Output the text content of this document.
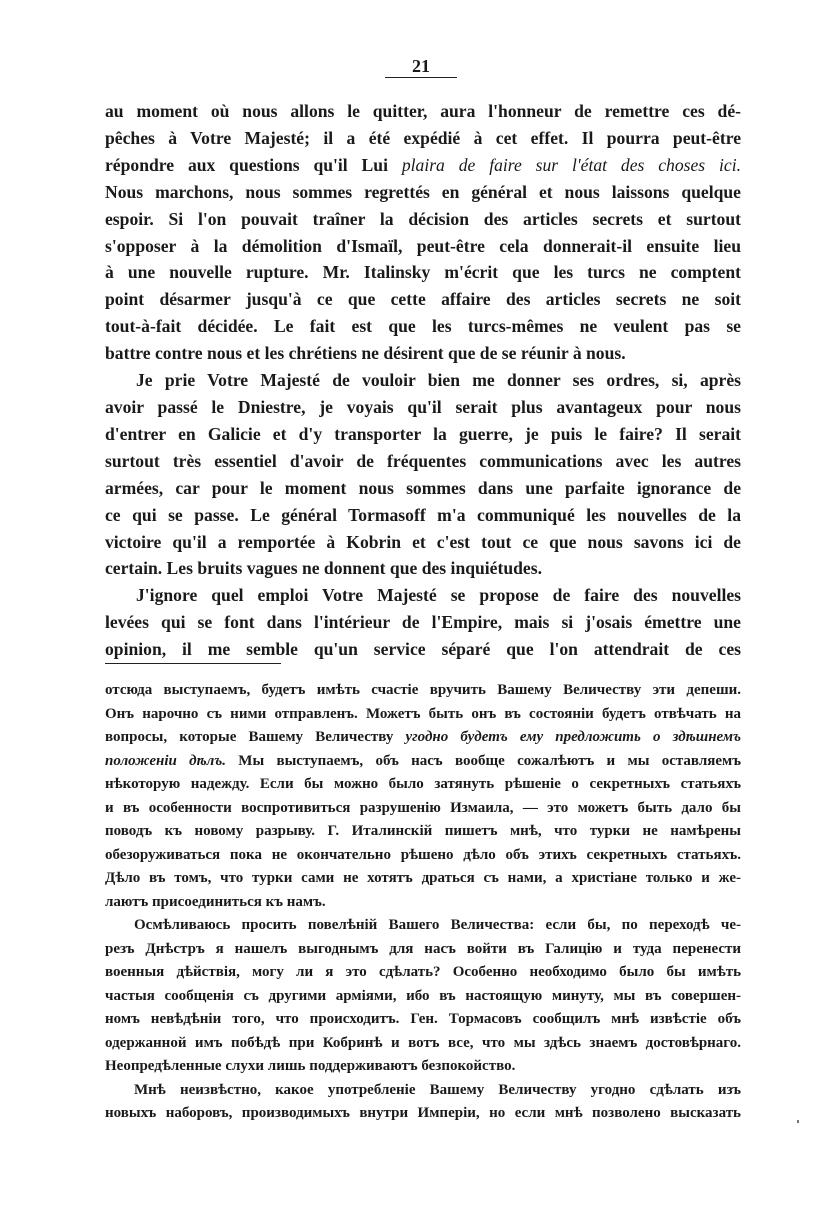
21
au moment où nous allons le quitter, aura l'honneur de remettre ces dé-
pêches à Votre Majesté; il a été expédié à cet effet. Il pourra peut-être
répondre aux questions qu'il Lui plaira de faire sur l'état des choses ici.
Nous marchons, nous sommes regrettés en général et nous laissons quelque
espoir. Si l'on pouvait traîner la décision des articles secrets et surtout
s'opposer à la démolition d'Ismaïl, peut-être cela donnerait-il ensuite lieu
à une nouvelle rupture. Mr. Italinsky m'écrit que les turcs ne comptent
point désarmer jusqu'à ce que cette affaire des articles secrets ne soit
tout-à-fait décidée. Le fait est que les turcs-mêmes ne veulent pas se
battre contre nous et les chrétiens ne désirent que de se réunir à nous.
Je prie Votre Majesté de vouloir bien me donner ses ordres, si, après
avoir passé le Dniestre, je voyais qu'il serait plus avantageux pour nous
d'entrer en Galicie et d'y transporter la guerre, je puis le faire? Il serait
surtout très essentiel d'avoir de fréquentes communications avec les autres
armées, car pour le moment nous sommes dans une parfaite ignorance de
ce qui se passe. Le général Tormasoff m'a communiqué les nouvelles de la
victoire qu'il a remportée à Kobrin et c'est tout ce que nous savons ici de
certain. Les bruits vagues ne donnent que des inquiétudes.
J'ignore quel emploi Votre Majesté se propose de faire des nouvelles
levées qui se font dans l'intérieur de l'Empire, mais si j'osais émettre une
opinion, il me semble qu'un service séparé que l'on attendrait de ces
отсюда выступаемъ, будетъ имѣть счастіе вручить Вашему Величеству эти депеши.
Онъ нарочно съ ними отправленъ. Можетъ быть онъ въ состояніи будетъ отвѣчать на
вопросы, которые Вашему Величеству угодно будетъ ему предложить о здѣшнемъ
положеніи дѣлъ. Мы выступаемъ, объ насъ вообще сожалѣютъ и мы оставляемъ
нѣкоторую надежду. Если бы можно было затянуть рѣшеніе о секретныхъ статьяхъ
и въ особенности воспротивиться разрушенію Измаила, — это можетъ быть дало бы
поводъ къ новому разрыву. Г. Италинскій пишетъ мнѣ, что турки не намѣрены
обезоруживаться пока не окончательно рѣшено дѣло объ этихъ секретныхъ статьяхъ.
Дѣло въ томъ, что турки сами не хотятъ драться съ нами, а христіане только и же-
лаютъ присоединиться къ намъ.
Осмѣливаюсь просить повелѣній Вашего Величества: если бы, по переходѣ че-
резъ Днѣстръ я нашелъ выгоднымъ для насъ войти въ Галицію и туда перенести
военныя дѣйствія, могу ли я это сдѣлать? Особенно необходимо было бы имѣть
частыя сообщенія съ другими арміями, ибо въ настоящую минуту, мы въ совершен-
номъ невѣдѣніи того, что происходитъ. Ген. Тормасовъ сообщилъ мнѣ извѣстіе объ
одержанной имъ побѣдѣ при Кобринѣ и вотъ все, что мы здѣсь знаемъ достовѣрнаго.
Неопредѣленные слухи лишь поддерживаютъ безпокойство.
Мнѣ неизвѣстно, какое употребленіе Вашему Величеству угодно сдѣлать изъ
новыхъ наборовъ, производимыхъ внутри Имперіи, но если мнѣ позволено высказать
